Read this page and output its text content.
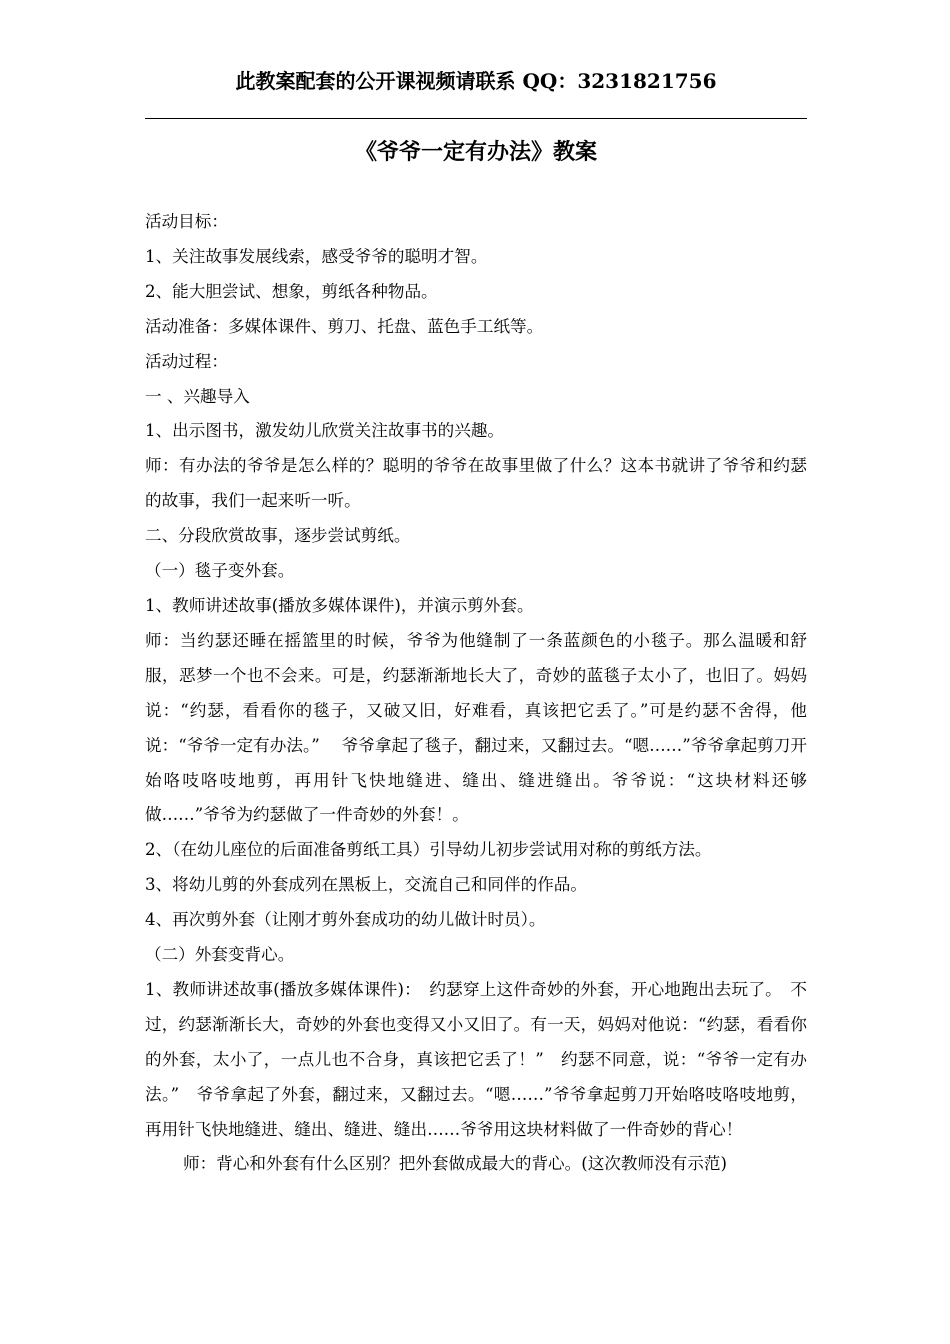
此教案配套的公开课视频请联系 QQ：3231821756
《爷爷一定有办法》教案

活动目标：

1、关注故事发展线索，感受爷爷的聪明才智。

2、能大胆尝试、想象，剪纸各种物品。

活动准备：多媒体课件、剪刀、托盘、蓝色手工纸等。

活动过程：

一 、兴趣导入

1、出示图书，激发幼儿欣赏关注故事书的兴趣。

师：有办法的爷爷是怎么样的？聪明的爷爷在故事里做了什么？这本书就讲了爷爷和约瑟的故事，我们一起来听一听。

二、分段欣赏故事，逐步尝试剪纸。

（一）毯子变外套。

1、教师讲述故事(播放多媒体课件)，并演示剪外套。

师：当约瑟还睡在摇篮里的时候，爷爷为他缝制了一条蓝颜色的小毯子。那么温暖和舒服，恶梦一个也不会来。可是，约瑟渐渐地长大了，奇妙的蓝毯子太小了，也旧了。妈妈说：“约瑟，看看你的毯子，又破又旧，好难看，真该把它丢了。”可是约瑟不舍得，他说：“爷爷一定有办法。”　 爷爷拿起了毯子，翻过来，又翻过去。“嗯……”爷爷拿起剪刀开始咯吱咯吱地剪，再用针飞快地缝进、缝出、缝进缝出。爷爷说：“这块材料还够做……”爷爷为约瑟做了一件奇妙的外套！。

2、（在幼儿座位的后面准备剪纸工具）引导幼儿初步尝试用对称的剪纸方法。

3、将幼儿剪的外套成列在黑板上，交流自己和同伴的作品。

4、再次剪外套（让刚才剪外套成功的幼儿做计时员）。

（二）外套变背心。

1、教师讲述故事(播放多媒体课件)：　约瑟穿上这件奇妙的外套，开心地跑出去玩了。　不过，约瑟渐渐长大，奇妙的外套也变得又小又旧了。有一天，妈妈对他说：“约瑟，看看你的外套，太小了，一点儿也不合身，真该把它丢了！”　约瑟不同意，说：“爷爷一定有办法。”　爷爷拿起了外套，翻过来，又翻过去。“嗯……”爷爷拿起剪刀开始咯吱咯吱地剪，再用针飞快地缝进、缝出、缝进、缝出……爷爷用这块材料做了一件奇妙的背心！

师：背心和外套有什么区别？把外套做成最大的背心。(这次教师没有示范)
